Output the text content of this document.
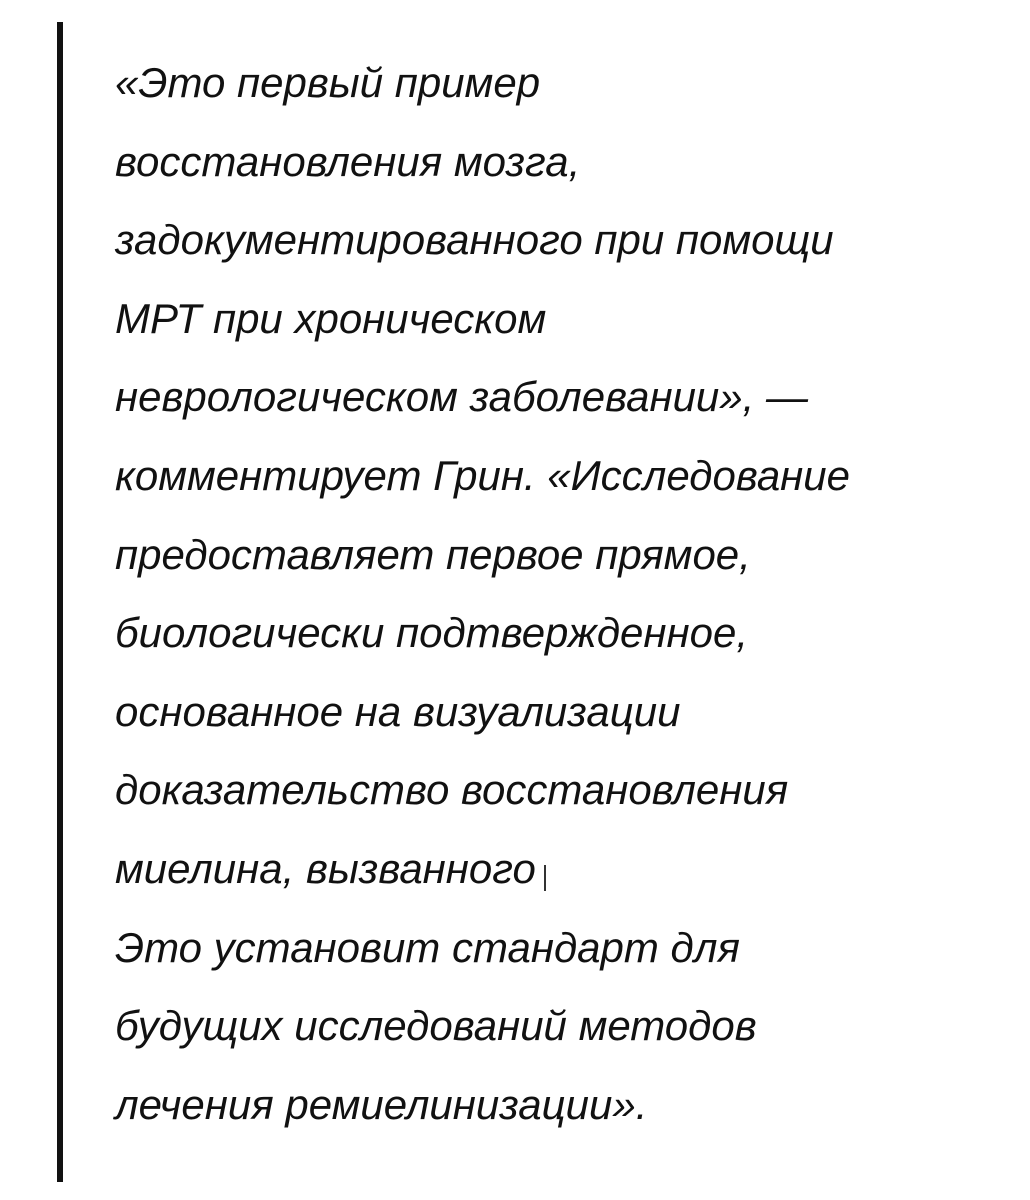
«Это первый пример
восстановления мозга,
задокументированного при помощи
МРТ при хроническом
неврологическом заболевании», —
комментирует Грин. «Исследование
предоставляет первое прямое,
биологически подтвержденное,
основанное на визуализации
доказательство восстановления
миелина, вызванного
Это установит стандарт для
будущих исследований методов
лечения ремиелинизации».
